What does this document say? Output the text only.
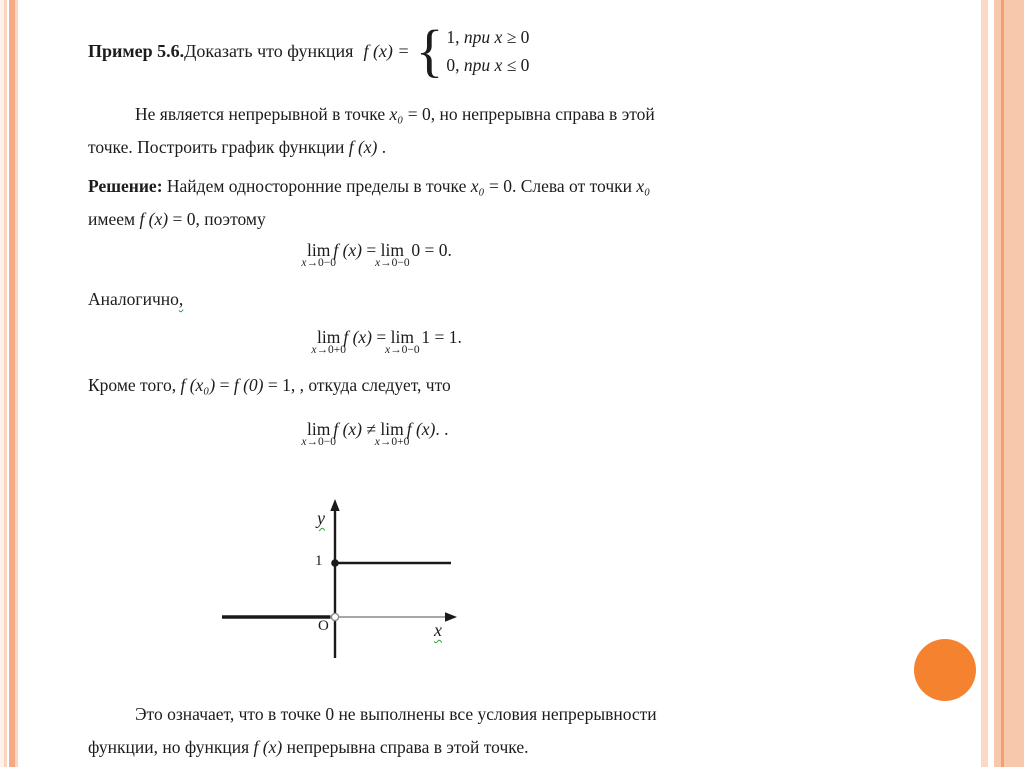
Пример 5.6. Доказать что функция f (x) = { 1, при x ≥ 0
0, при x ≤ 0
Не является непрерывной в точке x₀ = 0, но непрерывна справа в этой
точке. Построить график функции f (x) .
Решение: Найдем односторонние пределы в точке x₀ = 0. Слева от точки x₀
имеем f (x) = 0, поэтому
lim
x→0−0
f (x) = lim
x→0−0
0 = 0.
Аналогично,
lim
x→0+0
f (x) = lim
x→0−0
1 = 1.
Кроме того, f (x₀) = f (0) = 1, , откуда следует, что
lim
x→0−0
f (x) ≠ lim
x→0+0
f (x). .
y
1
O	x
Это означает, что в точке 0 не выполнены все условия непрерывности
функции, но функция f (x) непрерывна справа в этой точке.
